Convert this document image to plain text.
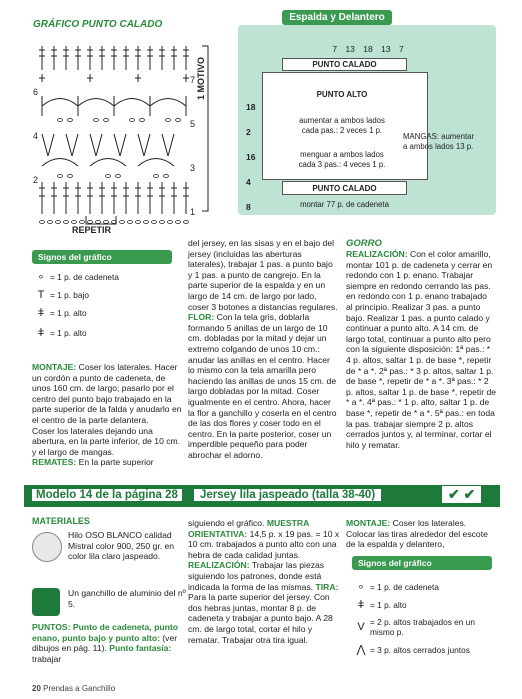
GRÁFICO PUNTO CALADO
6
4
2
7
5
3
1
1 MOTIVO
REPETIR
Espalda y Delantero
7 13 18 13 7
PUNTO CALADO
PUNTO ALTO
aumentar a ambos lados
cada pas.: 2 veces 1 p.
menguar a ambos lados
cada 3 pas.: 4 veces 1 p.
PUNTO CALADO
montar 77 p. de cadeneta
MANGAS: aumentar
a ambos lados 13 p.
18
2
16
4
8
Signos del gráfico
∘ = 1 p. de cadeneta
T = 1 p. bajo
ǂ = 1 p. alto
ǂ = 1 p. alto
MONTAJE: Coser los laterales. Hacer un cordón a punto de cadeneta, de unos 160 cm. de largo; pasarlo por el centro del punto bajo trabajado en la parte superior de la falda y anudarlo en el centro de la parte delantera.
Coser los laterales dejando una abertura, en la parte inferior, de 10 cm. y el largo de mangas.
REMATES: En la parte superior
del jersey, en las sisas y en el bajo del jersey (incluidas las aberturas laterales), trabajar 1 pas. a punto bajo y 1 pas. a punto de cangrejo. En la parte superior de la espalda y en un largo de 14 cm. de largo por lado, coser 3 botones a distancias regulares. FLOR: Con la tela gris, doblarla formando 5 anillas de un largo de 10 cm. dobladas por la mitad y dejar un extremo colgando de unos 10 cm.: anudar las anillas en el centro. Hacer lo mismo con la tela amarilla pero haciendo las anillas de unos 15 cm. de largo dobladas por la mitad. Coser igualmente en el centro. Ahora, hacer la flor a ganchillo y coserla en el centro de las dos flores y coser todo en el centro. En la parte posterior, coser un imperdible pequeño para poder abrochar el adorno.
GORRO
REALIZACIÓN: Con el color amarillo, montar 101 p. de cadeneta y cerrar en redondo con 1 p. enano. Trabajar siempre en redondo cerrando las pas. en redondo con 1 p. enano trabajado al principio. Realizar 3 pas. a punto bajo. Realizar 1 pas. a punto calado y continuar a punto alto. A 14 cm. de largo total, continuar a punto alto pero con la siguiente disposición: 1ª pas.: * 4 p. altos, saltar 1 p. de base *, repetir de * a *. 2ª pas.: * 3 p. altos, saltar 1 p. de base *, repetir de * a *. 3ª pas.: * 2 p. altos, saltar 1 p. de base *, repetir de * a *. 4ª pas.: * 1 p. alto, saltar 1 p. de base *, repetir de * a *. 5ª pas.: en toda la pas. trabajar siempre 2 p. altos cerrados juntos y, al terminar, cortar el hilo y rematar.
Modelo 14 de la página 28	Jersey lila jaspeado (talla 38-40)	✔ ✔
MATERIALES
Hilo OSO BLANCO calidad Mistral color 900, 250 gr. en color lila claro jaspeado.
Un ganchillo de aluminio del nº 5.
PUNTOS: Punto de cadeneta, punto enano, punto bajo y punto alto: (ver dibujos en pág. 11). Punto fantasía: trabajar
siguiendo el gráfico. MUESTRA ORIENTATIVA: 14,5 p. x 19 pas. = 10 x 10 cm. trabajados a punto alto con una hebra de cada calidad juntas. REALIZACIÓN: Trabajar las piezas siguiendo los patrones, donde está indicada la forma de las mismas. TIRA: Para la parte superior del jersey. Con dos hebras juntas, montar 8 p. de cadeneta y trabajar a punto bajo. A 28 cm. de largo total, cortar el hilo y rematar. Trabajar otra tira igual.
MONTAJE: Coser los laterales. Colocar las tiras alrededor del escote de la espalda y delantero,
Signos del gráfico
∘ = 1 p. de cadeneta
ǂ = 1 p. alto
V = 2 p. altos trabajados en un mismo p.
⋀ = 3 p. altos cerrados juntos
20 Prendas a Ganchillo
